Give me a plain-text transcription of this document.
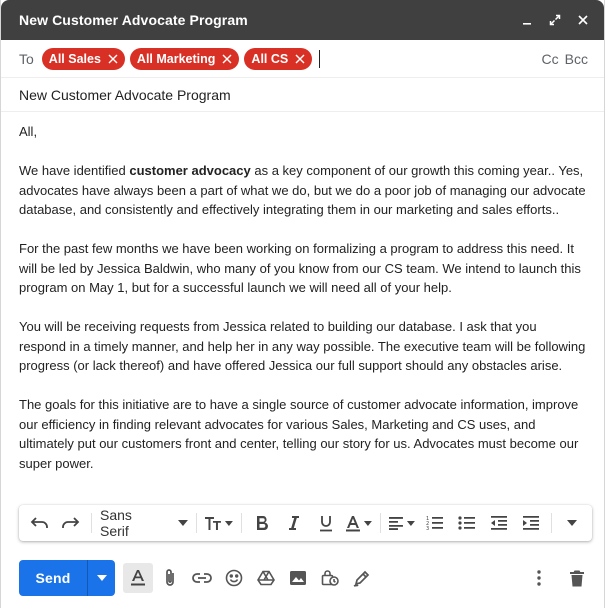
New Customer Advocate Program
To All Sales	All Marketing	All CS	Cc Bcc
New Customer Advocate Program

All,

We have identified customer advocacy as a key component of our growth this coming year.. Yes, advocates have always been a part of what we do, but we do a poor job of managing our advocate database, and consistently and effectively integrating them in our marketing and sales efforts..

For the past few months we have been working on formalizing a program to address this need. It will be led by Jessica Baldwin, who many of you know from our CS team. We intend to launch this program on May 1, but for a successful launch we will need all of your help.

You will be receiving requests from Jessica related to building our database. I ask that you respond in a timely manner, and help her in any way possible. The executive team will be following progress (or lack thereof) and have offered Jessica our full support should any obstacles arise.

The goals for this initiative are to have a single source of customer advocate information, improve our efficiency in finding relevant advocates for various Sales, Marketing and CS uses, and ultimately put our customers front and center, telling our story for us. Advocates must become our super power.

Sans Serif
1
2
3
Send
